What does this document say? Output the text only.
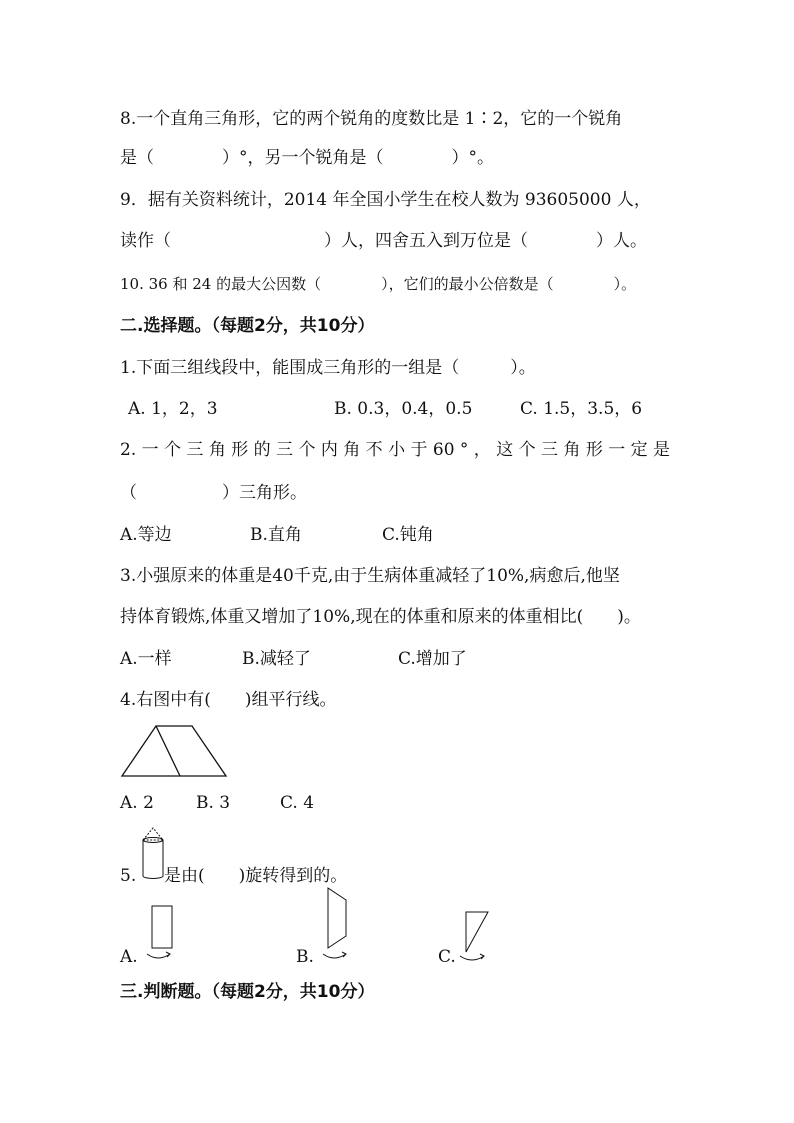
8.一个直角三角形，它的两个锐角的度数比是 1∶2，它的一个锐角
是（　　　　）°，另一个锐角是（　　　　）°。
9．据有关资料统计，2014 年全国小学生在校人数为 93605000 人，
读作（　　　　　　　　　）人，四舍五入到万位是（　　　　）人。
10. 36 和 24 的最大公因数（　　　　），它们的最小公倍数是（　　　　）。
二.选择题。（每题2分，共10分）
1.下面三组线段中，能围成三角形的一组是（　　　）。
A. 1，2，3	B. 0.3，0.4，0.5	C. 1.5，3.5，6
2. 一 个 三 角 形 的 三 个 内 角 不 小 于 60 ° ， 这 个 三 角 形 一 定 是
（　　　　　）三角形。
A.等边	B.直角	C.钝角
3.小强原来的体重是40千克,由于生病体重减轻了10%,病愈后,他坚
持体育锻炼,体重又增加了10%,现在的体重和原来的体重相比(　　)。
A.一样	B.减轻了	C.增加了
4.右图中有(　　)组平行线。
A. 2 B. 3	C. 4
5. 是由(　　)旋转得到的。
A.	B.	C.
三.判断题。（每题2分，共10分）
